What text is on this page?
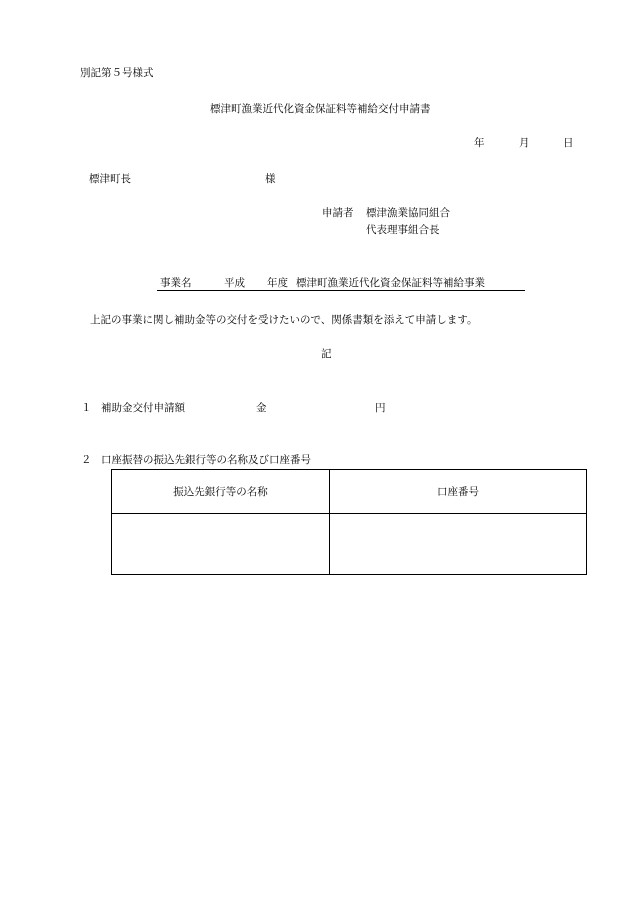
別記第５号様式
標津町漁業近代化資金保証料等補給交付申請書
年	月	日
標津町長	様
申請者 標津漁業協同組合
代表理事組合長
事業名	平成 年度 標津町漁業近代化資金保証料等補給事業
上記の事業に関し補助金等の交付を受けたいので、関係書類を添えて申請します。
記
１ 補助金交付申請額	金	円
２ 口座振替の振込先銀行等の名称及び口座番号
振込先銀行等の名称	口座番号
